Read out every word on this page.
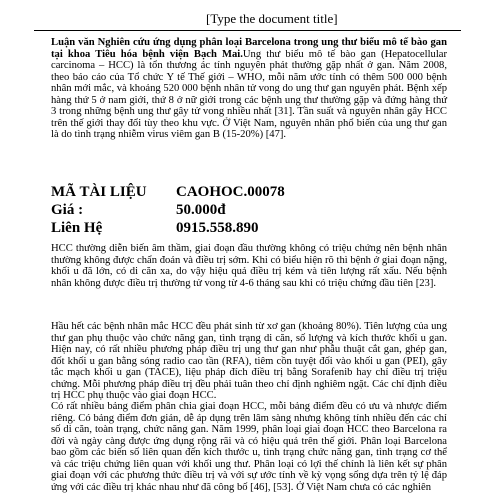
[Type the document title]
Luận văn Nghiên cứu ứng dụng phân loại Barcelona trong ung thư biểu mô tế bào gan tại khoa Tiêu hóa bệnh viện Bạch Mai.Ung thư biểu mô tế bào gan (Hepatocellular carcinoma – HCC) là tổn thương ác tính nguyên phát thường gặp nhất ở gan. Năm 2008, theo báo cáo của Tổ chức Y tế Thế giới – WHO, mỗi năm ước tính có thêm 500 000 bệnh nhân mới mắc, và khoảng 520 000 bệnh nhân tử vong do ung thư gan nguyên phát. Bệnh xếp hàng thứ 5 ở nam giới, thứ 8 ở nữ giới trong các bệnh ung thư thường gặp và đứng hàng thứ 3 trong những bệnh ung thư gây tử vong nhiều nhất [31]. Tần suất và nguyên nhân gây HCC trên thế giới thay đổi tùy theo khu vực. Ở Việt Nam, nguyên nhân phổ biến của ung thư gan là do tình trạng nhiễm virus viêm gan B (15-20%) [47].
MÃ TÀI LIỆU	CAOHOC.00078
Giá :	50.000đ
Liên Hệ	0915.558.890
HCC thường diễn biến âm thầm, giai đoạn đầu thường không có triệu chứng nên bệnh nhân thường không được chẩn đoán và điều trị sớm. Khi có biểu hiện rõ thì bệnh ở giai đoạn nặng, khối u đã lớn, có di căn xa, do vậy hiệu quả điều trị kém và tiên lượng rất xấu. Nếu bệnh nhân không được điều trị thường tử vong từ 4-6 tháng sau khi có triệu chứng đầu tiên [23].
Hầu hết các bệnh nhân mắc HCC đều phát sinh từ xơ gan (khoảng 80%). Tiên lượng của ung thư gan phụ thuộc vào chức năng gan, tình trạng di căn, số lượng và kích thước khối u gan. Hiện nay, có rất nhiều phương pháp điều trị ung thư gan như phẫu thuật cắt gan, ghép gan, đốt khối u gan bằng sóng radio cao tần (RFA), tiêm cồn tuyệt đối vào khối u gan (PEI), gây tắc mạch khối u gan (TACE), liệu pháp đích điều trị bằng Sorafenib hay chỉ điều trị triệu chứng. Mỗi phương pháp điều trị đều phải tuân theo chỉ định nghiêm ngặt. Các chỉ định điều trị HCC phụ thuộc vào giai đoạn HCC.
Có rất nhiều bảng điểm phân chia giai đoạn HCC, mỗi bảng điểm đều có ưu và nhược điểm riêng. Có bảng điểm đơn giản, dễ áp dụng trên lâm sàng nhưng không tính nhiều đến các chỉ số di căn, toàn trạng, chức năng gan. Năm 1999, phân loại giai đoạn HCC theo Barcelona ra đời và ngày càng được ứng dụng rộng rãi và có hiệu quả trên thế giới. Phân loại Barcelona bao gồm các biến số liên quan đến kích thước u, tình trạng chức năng gan, tình trạng cơ thể và các triệu chứng liên quan với khối ung thư. Phân loại có lợi thế chính là liên kết sự phân giai đoạn với các phương thức điều trị và với sự ước tính về kỳ vọng sống dựa trên tỷ lệ đáp ứng với các điều trị khác nhau như đã công bố [46], [53]. Ở Việt Nam chưa có các nghiên
